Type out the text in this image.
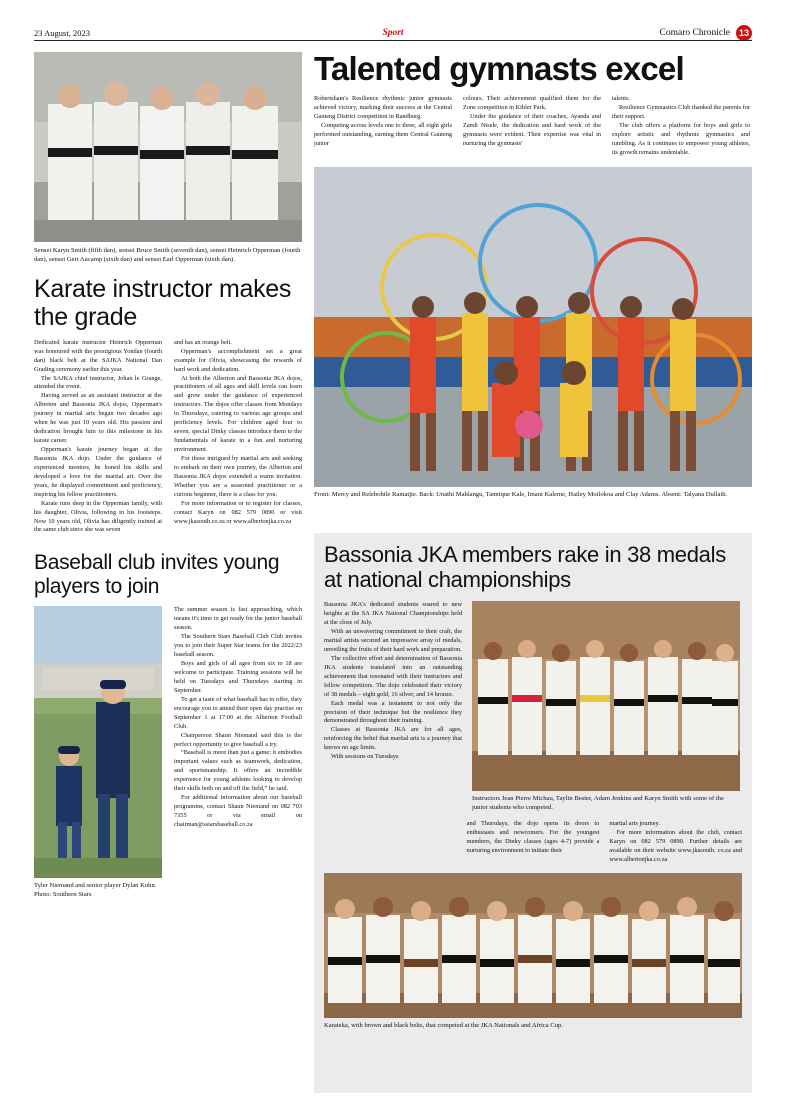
23 August, 2023	Sport	Comaro Chronicle 13
Sensei Karyn Smith (fifth dan), sensei Bruce Smith (seventh dan), sensei Heinrich Opperman (fourth dan), sensei Gert Aucamp (sixth dan) and sensei Earl Opperman (sixth dan).
Karate instructor makes the grade

Dedicated karate instructor Heinrich Opperman was honoured with the prestigious Yondan (fourth dan) black belt at the SAJKA National Dan Grading ceremony earlier this year.

The SAJKA chief instructor, Johan le Grange, attended the event.

Having served as an assistant instructor at the Alberton and Bassonia JKA dojos, Opperman's journey in martial arts began two decades ago when he was just 10 years old. His passion and dedication brought him to this milestone in his karate career.

Opperman's karate journey began at the Bassonia JKA dojo. Under the guidance of experienced mentors, he honed his skills and developed a love for the martial art. Over the years, he displayed commitment and proficiency, inspiring his fellow practitioners.

Karate runs deep in the Opperman family, with his daughter, Olivia, following in his footsteps. Now 10 years old, Olivia has diligently trained at the same club since she was seven

and has an orange belt.

Opperman's accomplishment set a great example for Olivia, showcasing the rewards of hard work and dedication.

At both the Alberton and Bassonia JKA dojos, practitioners of all ages and skill levels can learn and grow under the guidance of experienced instructors. The dojos offer classes from Mondays to Thursdays, catering to various age groups and proficiency levels. For children aged four to seven, special Dinky classes introduce them to the fundamentals of karate in a fun and nurturing environment.

For those intrigued by martial arts and seeking to embark on their own journey, the Alberton and Bassonia JKA dojos extended a warm invitation. Whether you are a seasoned practitioner or a curious beginner, there is a class for you.

For more information or to register for classes, contact Karyn on 082 579 0890 or visit www.jkasouth.co.za or www.albertonjka.co.za

Baseball club invites young players to join
Tyler Niemand and senior player Dylan Kuhn. Photo: Southern Stars

The summer season is fast approaching, which means it's time to get ready for the junior baseball season.

The Southern Stars Baseball Club Club invites you to join their Super Star teams for the 2022/23 baseball season.

Boys and girls of all ages from six to 18 are welcome to participate. Training sessions will be held on Tuesdays and Thursdays starting in September.

To get a taste of what baseball has to offer, they encourage you to attend their open day practise on September 1 at 17:00 at the Alberton Football Club.

Chairperson Shaun Niemand said this is the perfect opportunity to give baseball a try.

“Baseball is more than just a game; it embodies important values such as teamwork, dedication, and sportsmanship. It offers an incredible experience for young athletes looking to develop their skills both on and off the field,” he said.

For additional information about our baseball programme, contact Shaun Niemand on 082 703 7355 or via email on chairman@ssiarsbaseball.co.za

Talented gymnasts excel

Robertsham's Resilience rhythmic junior gymnasts achieved victory, marking their success at the Central Gauteng District competition in Randburg.

Competing across levels one to three, all eight girls performed outstanding, earning them Central Gauteng junior

colours. Their achievement qualified them for the Zone competition in Kibler Park.

Under the guidance of their coaches, Ayanda and Zandi Ntsele, the dedication and hard work of the gymnasts were evident. Their expertise was vital in nurturing the gymnasts'

talents.

Resilience Gymnastics Club thanked the parents for their support.

The club offers a platform for boys and girls to explore artistic and rhythmic gymnastics and tumbling. As it continues to empower young athletes, its growth remains undeniable.

Front: Mercy and Relebohile Ramatjie. Back: Unathi Mahlangu, Tannique Kale, Imani Kaleme, Hailey Motlokoa and Clay Adams. Absent: Talyana Dullath.
Bassonia JKA members rake in 38 medals at national championships

Bassonia JKA's dedicated students soared to new heights at the SA JKA National Championships held at the close of July.

With an unwavering commitment to their craft, the martial artists secured an impressive array of medals, unveiling the fruits of their hard work and preparation.

The collective effort and determination of Bassonia JKA students translated into an outstanding achievement that resonated with their instructors and fellow competitors. The dojo celebrated their victory of 38 medals – eight gold, 16 silver, and 14 bronze.

Each medal was a testament to not only the precision of their technique but the resilience they demonstrated throughout their training.

Classes at Bassonia JKA are for all ages, reinforcing the belief that martial arts is a journey that knows no age limits.

With sessions on Tuesdays

Instructors Jean Pierre Michau, Taylin Bester, Adam Jenkins and Karyn Smith with some of the junior students who competed.

and Thursdays, the dojo opens its doors to enthusiasts and newcomers. For the youngest members, the Dinky classes (ages 4-7) provide a nurturing environment to initiate their

martial arts journey.

For more information about the club, contact Karyn on 082 579 0890. Further details are available on their website www.jkasouth. co.za and www.albertonjka.co.za

Karateka, with brown and black belts, that competed at the JKA Nationals and Africa Cup.
